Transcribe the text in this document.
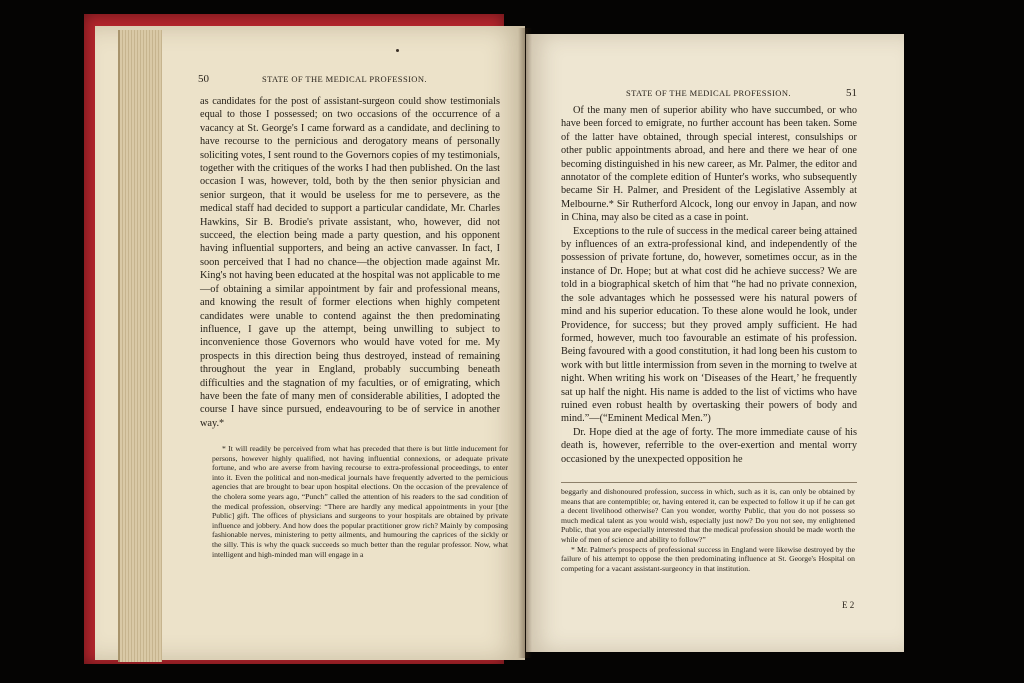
50	STATE OF THE MEDICAL PROFESSION.

as candidates for the post of assistant-surgeon could show testimonials equal to those I possessed; on two occasions of the occurrence of a vacancy at St. George's I came forward as a candidate, and declining to have recourse to the pernicious and derogatory means of personally soliciting votes, I sent round to the Governors copies of my testimonials, together with the critiques of the works I had then published. On the last occasion I was, however, told, both by the then senior physician and senior surgeon, that it would be useless for me to persevere, as the medical staff had decided to support a particular candidate, Mr. Charles Hawkins, Sir B. Brodie's private assistant, who, however, did not succeed, the election being made a party question, and his opponent having influential supporters, and being an active canvasser. In fact, I soon perceived that I had no chance—the objection made against Mr. King's not having been educated at the hospital was not applicable to me—of obtaining a similar appointment by fair and professional means, and knowing the result of former elections when highly competent candidates were unable to contend against the then predominating influence, I gave up the attempt, being unwilling to subject to inconvenience those Governors who would have voted for me. My prospects in this direction being thus destroyed, instead of remaining throughout the year in England, probably succumbing beneath difficulties and the stagnation of my faculties, or of emigrating, which have been the fate of many men of considerable abilities, I adopted the course I have since pursued, endeavouring to be of service in another way.*

* It will readily be perceived from what has preceded that there is but little inducement for persons, however highly qualified, not having influential connexions, or adequate private fortune, and who are averse from having recourse to extra-professional proceedings, to enter into it. Even the political and non-medical journals have frequently adverted to the pernicious agencies that are brought to bear upon hospital elections. On the occasion of the prevalence of the cholera some years ago, “Punch” called the attention of his readers to the sad condition of the medical profession, observing: “There are hardly any medical appointments in your [the Public] gift. The offices of physicians and surgeons to your hospitals are obtained by private influence and jobbery. And how does the popular practitioner grow rich? Mainly by composing fashionable nerves, ministering to petty ailments, and humouring the caprices of the sickly or the silly. This is why the quack succeeds so much better than the regular professor. Now, what intelligent and high-minded man will engage in a

STATE OF THE MEDICAL PROFESSION.	51

Of the many men of superior ability who have succumbed, or who have been forced to emigrate, no further account has been taken. Some of the latter have obtained, through special interest, consulships or other public appointments abroad, and here and there we hear of one becoming distinguished in his new career, as Mr. Palmer, the editor and annotator of the complete edition of Hunter's works, who subsequently became Sir H. Palmer, and President of the Legislative Assembly at Melbourne.* Sir Rutherford Alcock, long our envoy in Japan, and now in China, may also be cited as a case in point.

Exceptions to the rule of success in the medical career being attained by influences of an extra-professional kind, and independently of the possession of private fortune, do, however, sometimes occur, as in the instance of Dr. Hope; but at what cost did he achieve success? We are told in a biographical sketch of him that “he had no private connexion, the sole advantages which he possessed were his natural powers of mind and his superior education. To these alone would he look, under Providence, for success; but they proved amply sufficient. He had formed, however, much too favourable an estimate of his profession. Being favoured with a good constitution, it had long been his custom to work with but little intermission from seven in the morning to twelve at night. When writing his work on ‘Diseases of the Heart,’ he frequently sat up half the night. His name is added to the list of victims who have ruined even robust health by overtasking their powers of body and mind.”—(“Eminent Medical Men.”)

Dr. Hope died at the age of forty. The more immediate cause of his death is, however, referrible to the over-exertion and mental worry occasioned by the unexpected opposition he

beggarly and dishonoured profession, success in which, such as it is, can only be obtained by means that are contemptible; or, having entered it, can be expected to follow it up if he can get a decent livelihood otherwise? Can you wonder, worthy Public, that you do not possess so much medical talent as you would wish, especially just now? Do you not see, my enlightened Public, that you are especially interested that the medical profession should be made worth the while of men of science and ability to follow?”

* Mr. Palmer's prospects of professional success in England were likewise destroyed by the failure of his attempt to oppose the then predominating influence at St. George's Hospital on competing for a vacant assistant-surgeoncy in that institution.

E 2
